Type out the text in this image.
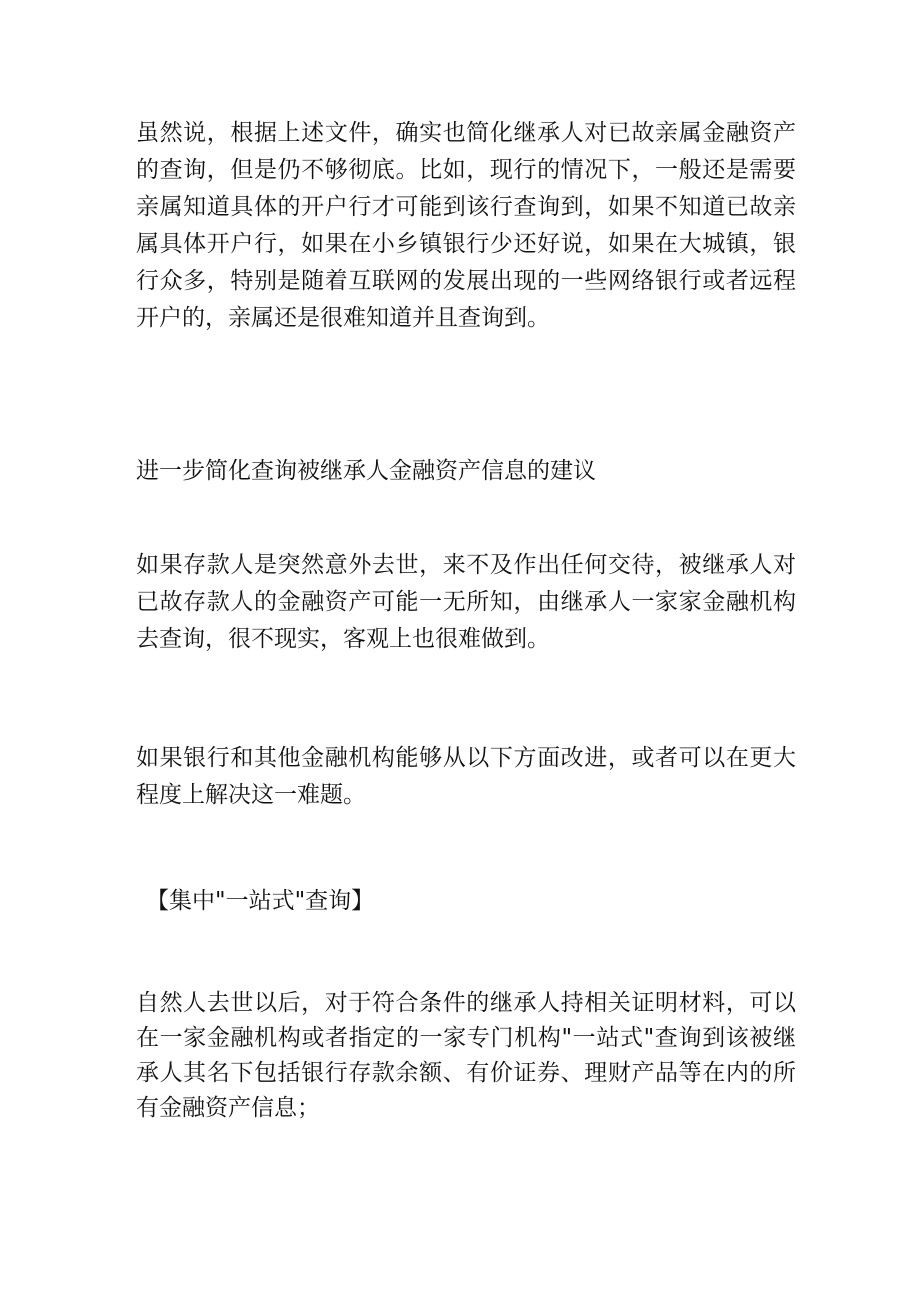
虽然说，根据上述文件，确实也简化继承人对已故亲属金融资产的查询，但是仍不够彻底。比如，现行的情况下，一般还是需要亲属知道具体的开户行才可能到该行查询到，如果不知道已故亲属具体开户行，如果在小乡镇银行少还好说，如果在大城镇，银行众多，特别是随着互联网的发展出现的一些网络银行或者远程开户的，亲属还是很难知道并且查询到。

进一步简化查询被继承人金融资产信息的建议

如果存款人是突然意外去世，来不及作出任何交待，被继承人对已故存款人的金融资产可能一无所知，由继承人一家家金融机构去查询，很不现实，客观上也很难做到。

如果银行和其他金融机构能够从以下方面改进，或者可以在更大程度上解决这一难题。

【集中"一站式"查询】

自然人去世以后，对于符合条件的继承人持相关证明材料，可以在一家金融机构或者指定的一家专门机构"一站式"查询到该被继承人其名下包括银行存款余额、有价证券、理财产品等在内的所有金融资产信息；
